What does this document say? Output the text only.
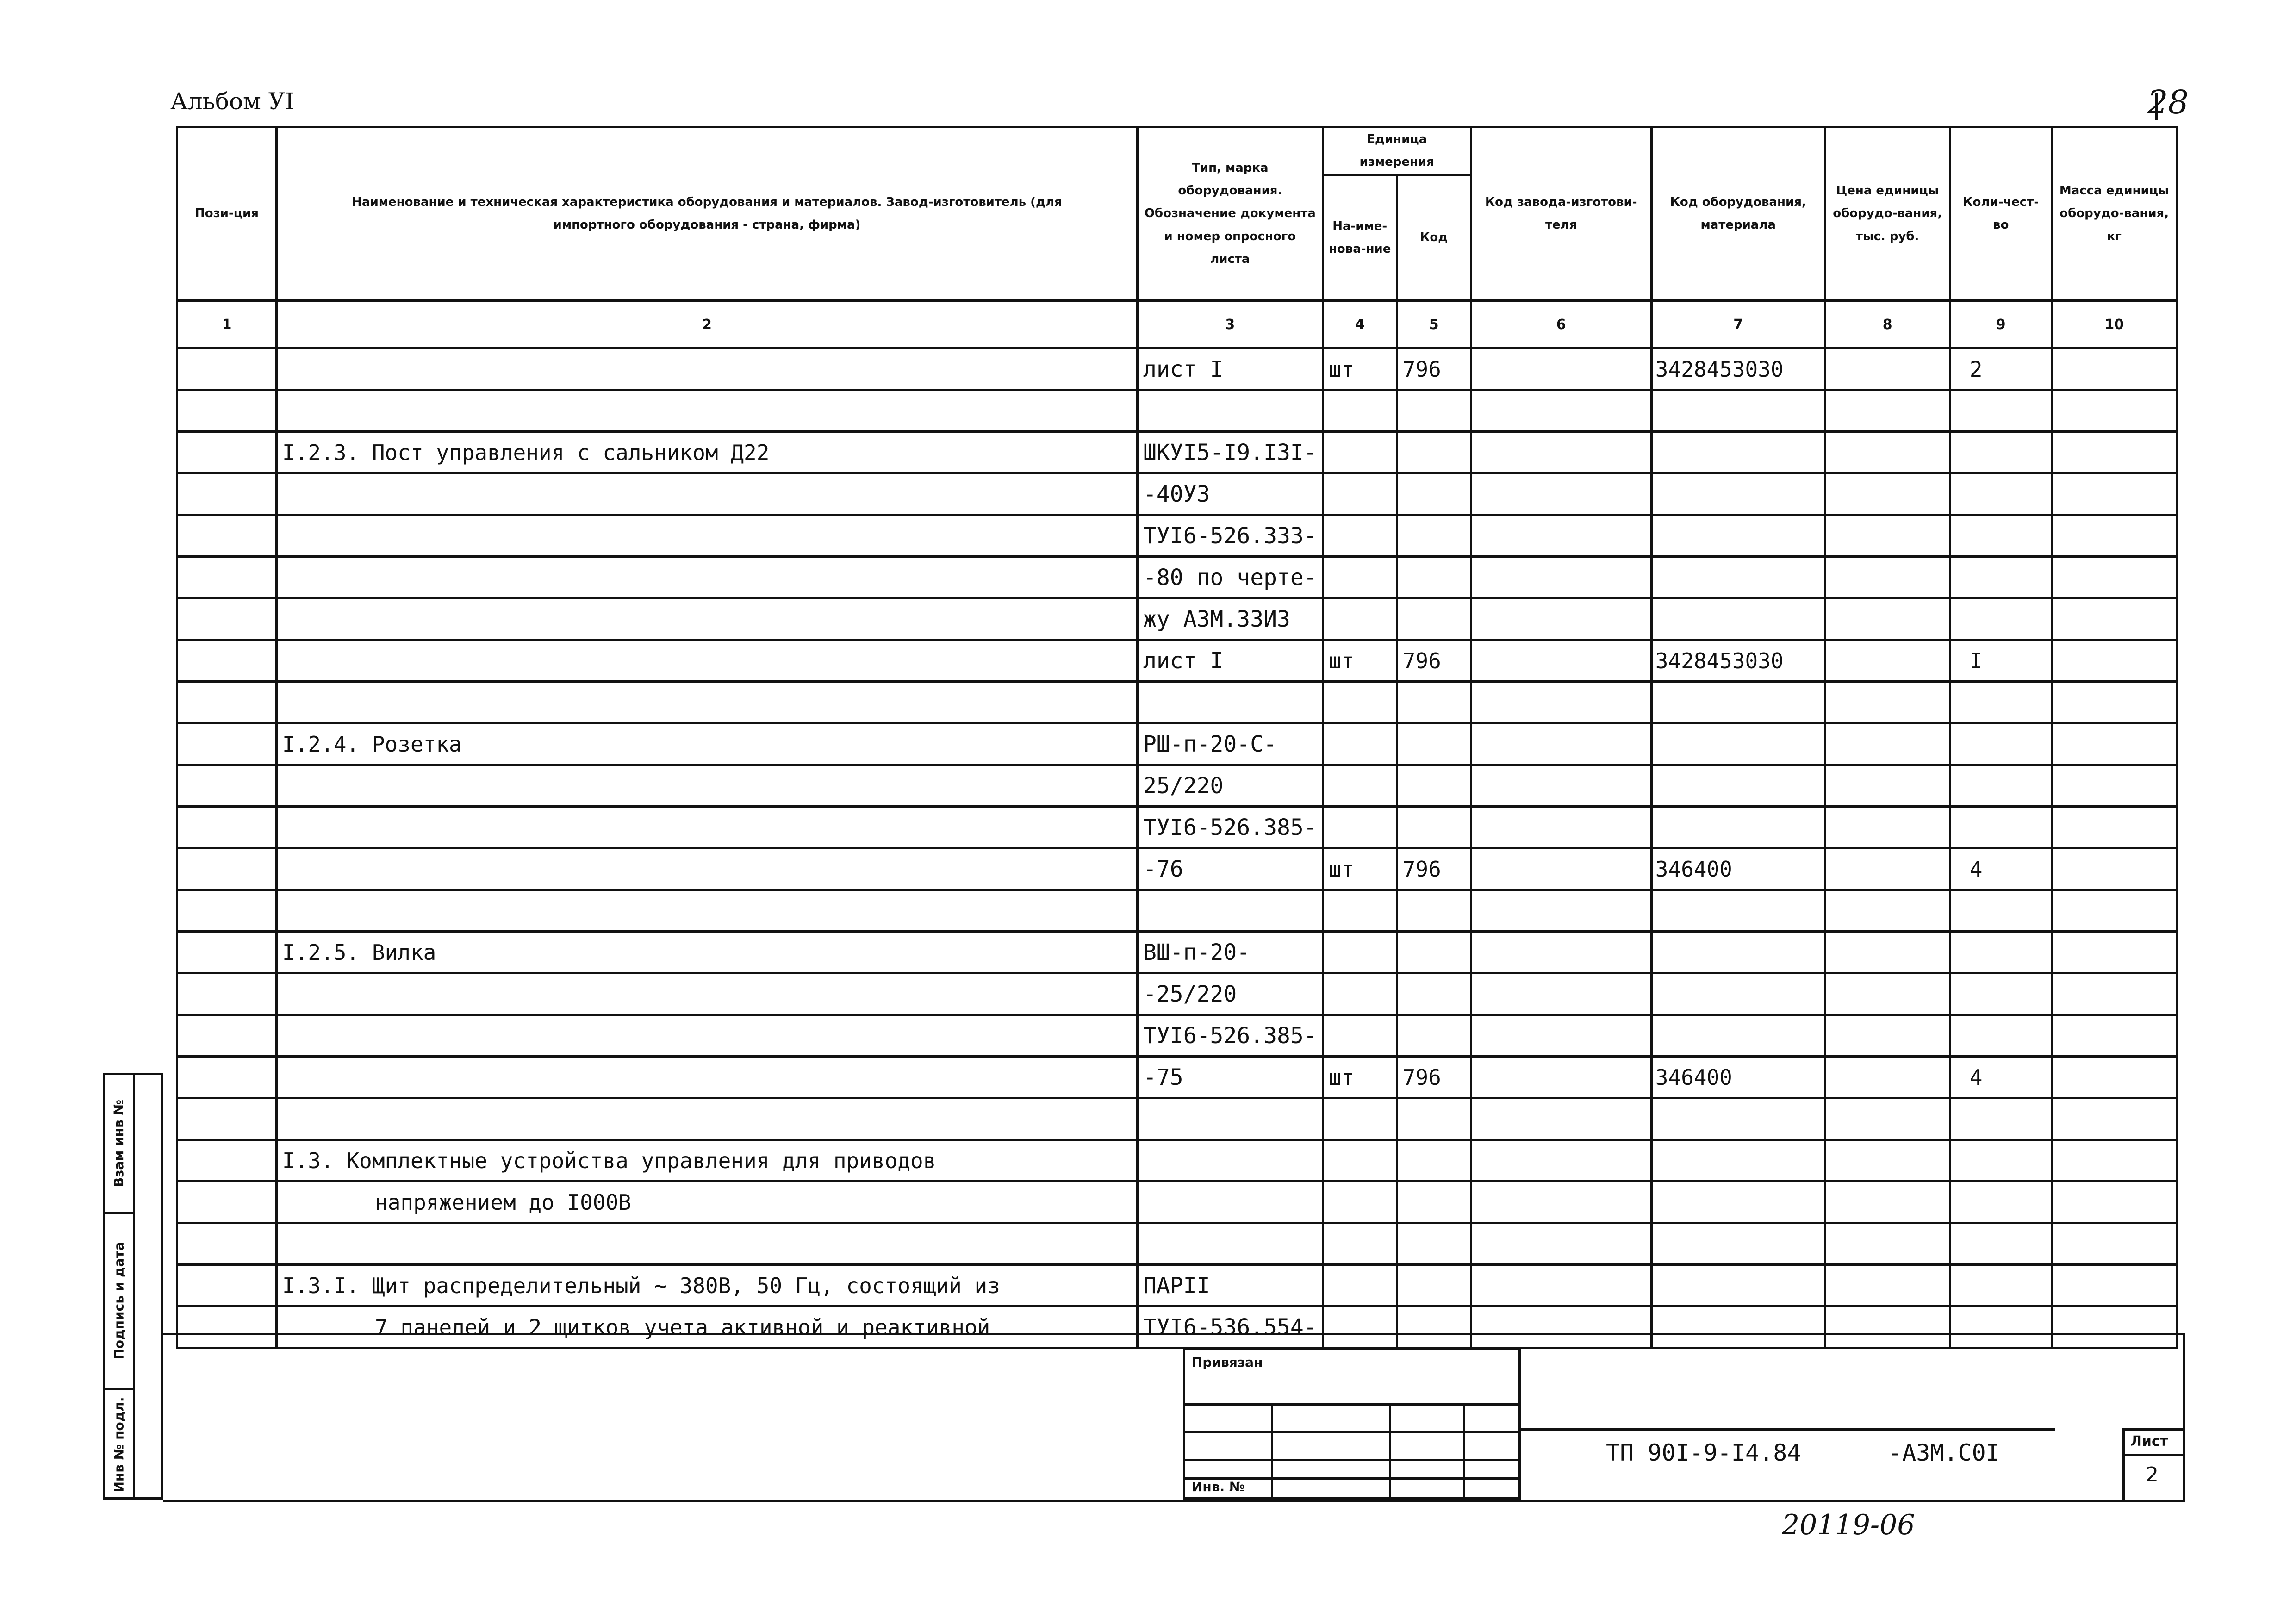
Альбом УI	28
Пози-ция	Наименование и техническая характеристика оборудования и материалов. Завод-изготовитель (для импортного оборудования - страна, фирма)	Тип, марка оборудования. Обозначение документа и номер опросного листа	Единица измерения		Код завода-изготови-теля	Код оборудования, материала	Цена единицы оборудо-вания, тыс. руб.	Коли-чест-во	Масса единицы оборудо-вания, кг
			На-име-нова-ние	Код					
1	2	3	4	5	6	7	8	9	10
		лист I	шт	796		3428453030		2	

	I.2.3. Пост управления с сальником Д22	ШКУI5-I9.I3I-							
		-40У3							
		ТУI6-526.333-							
		-80 по черте-							
		жу АЗМ.33И3							
		лист I	шт	796		3428453030		I	

	I.2.4. Розетка	РШ-п-20-С-							
		25/220							
		ТУI6-526.385-							
		-76	шт	796		346400		4	

	I.2.5. Вилка	ВШ-п-20-							
		-25/220							
		ТУI6-526.385-							
		-75	шт	796		346400		4	

	I.3. Комплектные устройства управления для приводов								
	напряжением до I000В								

	I.3.I. Щит распределительный ~ 380В, 50 Гц, состоящий из	ПАРII							
	7 панелей и 2 щитков учета активной и реактивной	ТУI6-536.554-							
Взам инв №
Подпись и дата
Инв № подл.
Привязан
Инв. №
ТП 90I-9-I4.84	-АЗМ.С0I	Лист
2
20119-06
